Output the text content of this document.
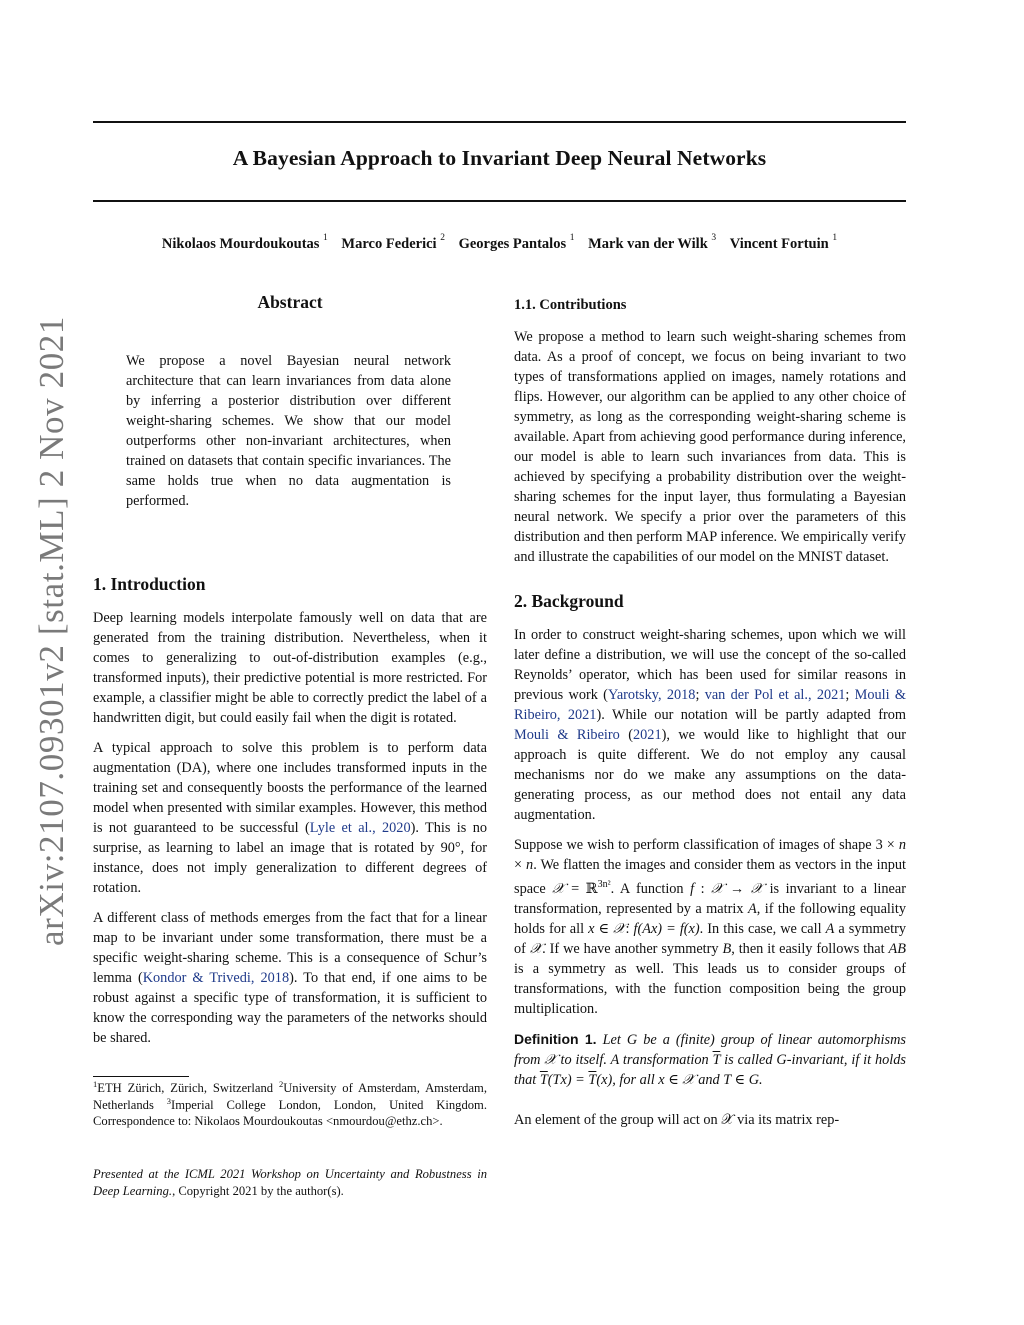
A Bayesian Approach to Invariant Deep Neural Networks
Nikolaos Mourdoukoutas $^1$ Marco Federici $^2$ Georges Pantalos $^1$ Mark van der Wilk $^3$ Vincent Fortuin $^1$
arXiv:2107.09301v2 [stat.ML] 2 Nov 2021
Abstract

We propose a novel Bayesian neural network architecture that can learn invariances from data alone by inferring a posterior distribution over different weight-sharing schemes. We show that our model outperforms other non-invariant architectures, when trained on datasets that contain specific invariances. The same holds true when no data augmentation is performed.

1. Introduction

Deep learning models interpolate famously well on data that are generated from the training distribution. Nevertheless, when it comes to generalizing to out-of-distribution examples (e.g., transformed inputs), their predictive potential is more restricted. For example, a classifier might be able to correctly predict the label of a handwritten digit, but could easily fail when the digit is rotated.

A typical approach to solve this problem is to perform data augmentation (DA), where one includes transformed inputs in the training set and consequently boosts the performance of the learned model when presented with similar examples. However, this method is not guaranteed to be successful (Lyle et al., 2020). This is no surprise, as learning to label an image that is rotated by 90°, for instance, does not imply generalization to different degrees of rotation.

A different class of methods emerges from the fact that for a linear map to be invariant under some transformation, there must be a specific weight-sharing scheme. This is a consequence of Schur’s lemma (Kondor & Trivedi, 2018). To that end, if one aims to be robust against a specific type of transformation, it is sufficient to know the corresponding way the parameters of the networks should be shared.

$^1$ETH Zürich, Zürich, Switzerland $^2$University of Amsterdam, Amsterdam, Netherlands $^3$Imperial College London, London, United Kingdom. Correspondence to: Nikolaos Mourdoukoutas <nmourdou@ethz.ch>.
Presented at the ICML 2021 Workshop on Uncertainty and Robustness in Deep Learning., Copyright 2021 by the author(s).
1.1. Contributions

We propose a method to learn such weight-sharing schemes from data. As a proof of concept, we focus on being invariant to two types of transformations applied on images, namely rotations and flips. However, our algorithm can be applied to any other choice of symmetry, as long as the corresponding weight-sharing scheme is available. Apart from achieving good performance during inference, our model is able to learn such invariances from data. This is achieved by specifying a probability distribution over the weight-sharing schemes for the input layer, thus formulating a Bayesian neural network. We specify a prior over the parameters of this distribution and then perform MAP inference. We empirically verify and illustrate the capabilities of our model on the MNIST dataset.

2. Background

In order to construct weight-sharing schemes, upon which we will later define a distribution, we will use the concept of the so-called Reynolds’ operator, which has been used for similar reasons in previous work (Yarotsky, 2018; van der Pol et al., 2021; Mouli & Ribeiro, 2021). While our notation will be partly adapted from Mouli & Ribeiro (2021), we would like to highlight that our approach is quite different. We do not employ any causal mechanisms nor do we make any assumptions on the data-generating process, as our method does not entail any data augmentation.

Suppose we wish to perform classification of images of shape 3 × n × n. We flatten the images and consider them as vectors in the input space 𝒳 = ℝ$^{3n^2}$. A function f : 𝒳 → 𝒳 is invariant to a linear transformation, represented by a matrix A, if the following equality holds for all x ∈ 𝒳: f(Ax) = f(x). In this case, we call A a symmetry of 𝒳. If we have another symmetry B, then it easily follows that AB is a symmetry as well. This leads us to consider groups of transformations, with the function composition being the group multiplication.

Definition 1. Let G be a (finite) group of linear automorphisms from 𝒳 to itself. A transformation $\overline{T}$ is called G-invariant, if it holds that $\overline{T}(Tx) = \overline{T}(x)$, for all x ∈ 𝒳 and T ∈ G.

An element of the group will act on 𝒳 via its matrix rep-
